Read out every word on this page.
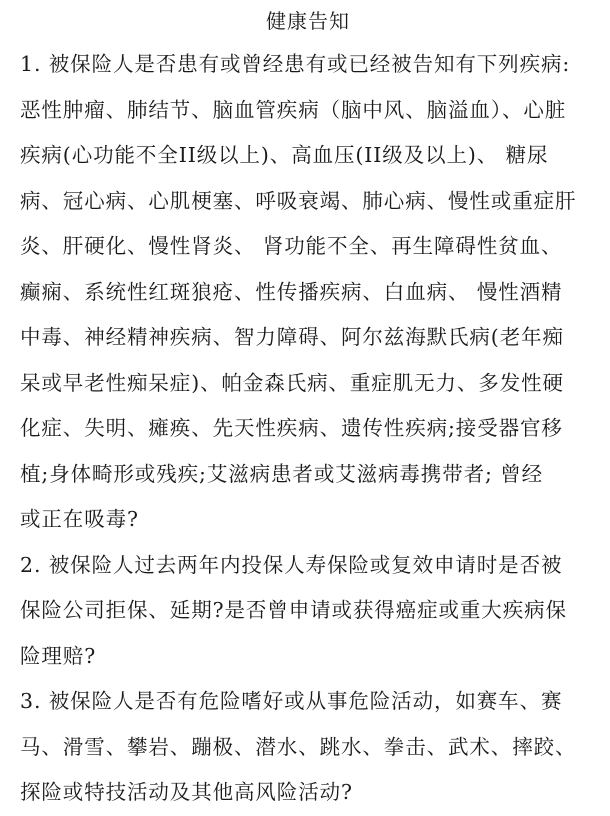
健康告知
1. 被保险人是否患有或曾经患有或已经被告知有下列疾病:
恶性肿瘤、肺结节、脑血管疾病（脑中风、脑溢血）、心脏
疾病(心功能不全II级以上)、高血压(II级及以上)、 糖尿
病、冠心病、心肌梗塞、呼吸衰竭、肺心病、慢性或重症肝
炎、肝硬化、慢性肾炎、 肾功能不全、再生障碍性贫血、
癫痫、系统性红斑狼疮、性传播疾病、白血病、 慢性酒精
中毒、神经精神疾病、智力障碍、阿尔兹海默氏病(老年痴
呆或早老性痴呆症)、帕金森氏病、重症肌无力、多发性硬
化症、失明、瘫痪、先天性疾病、遗传性疾病;接受器官移
植;身体畸形或残疾;艾滋病患者或艾滋病毒携带者; 曾经
或正在吸毒?
2. 被保险人过去两年内投保人寿保险或复效申请时是否被
保险公司拒保、延期?是否曾申请或获得癌症或重大疾病保
险理赔?
3. 被保险人是否有危险嗜好或从事危险活动，如赛车、赛
马、滑雪、攀岩、蹦极、潜水、跳水、拳击、武术、摔跤、
探险或特技活动及其他高风险活动?
